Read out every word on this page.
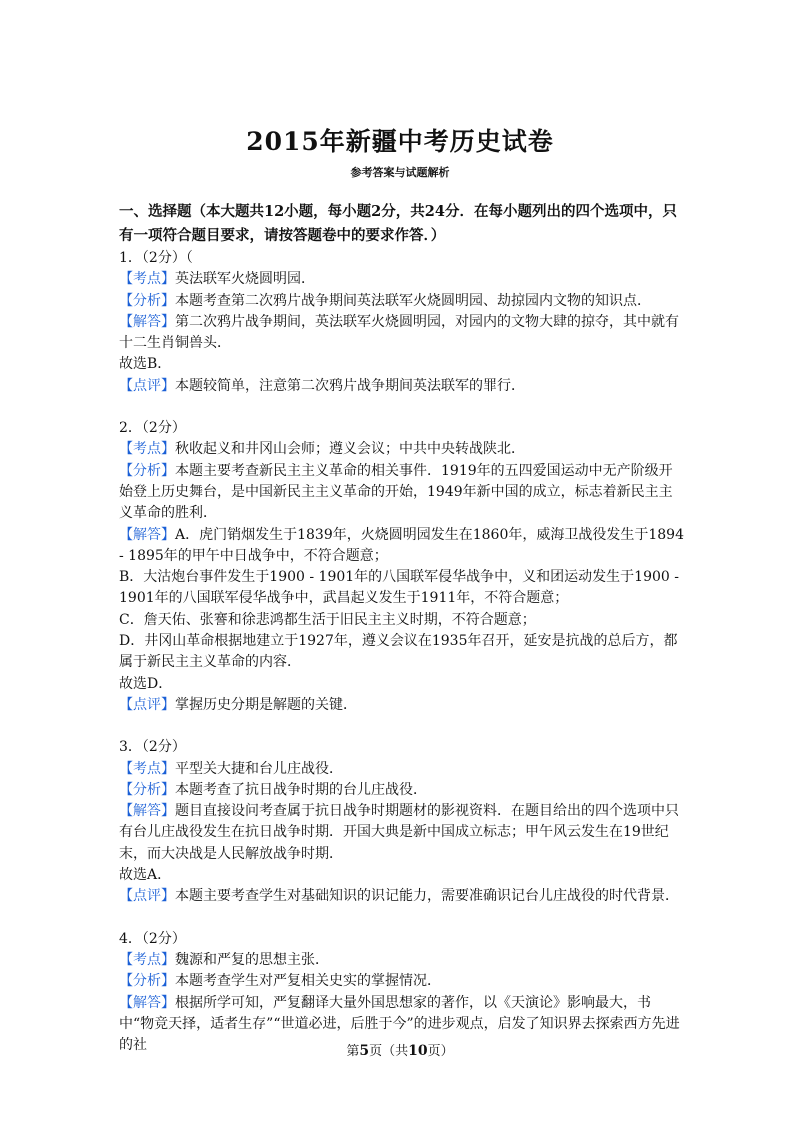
2015年新疆中考历史试卷
参考答案与试题解析

一、选择题（本大题共12小题，每小题2分，共24分．在每小题列出的四个选项中，只有一项符合题目要求，请按答题卷中的要求作答．）

1．（2分）（

【考点】英法联军火烧圆明园．

【分析】本题考查第二次鸦片战争期间英法联军火烧圆明园、劫掠园内文物的知识点．

【解答】第二次鸦片战争期间，英法联军火烧圆明园，对园内的文物大肆的掠夺，其中就有十二生肖铜兽头．

故选B．

【点评】本题较简单，注意第二次鸦片战争期间英法联军的罪行．

2．（2分）

【考点】秋收起义和井冈山会师；遵义会议；中共中央转战陕北．

【分析】本题主要考查新民主主义革命的相关事件．1919年的五四爱国运动中无产阶级开始登上历史舞台，是中国新民主主义革命的开始，1949年新中国的成立，标志着新民主主义革命的胜利．

【解答】A．虎门销烟发生于1839年，火烧圆明园发生在1860年，威海卫战役发生于1894 - 1895年的甲午中日战争中，不符合题意；

B．大沽炮台事件发生于1900 - 1901年的八国联军侵华战争中，义和团运动发生于1900 - 1901年的八国联军侵华战争中，武昌起义发生于1911年，不符合题意；

C．詹天佑、张謇和徐悲鸿都生活于旧民主主义时期，不符合题意；

D．井冈山革命根据地建立于1927年，遵义会议在1935年召开，延安是抗战的总后方，都属于新民主主义革命的内容．

故选D．

【点评】掌握历史分期是解题的关键．

3．（2分）

【考点】平型关大捷和台儿庄战役．

【分析】本题考查了抗日战争时期的台儿庄战役．

【解答】题目直接设问考查属于抗日战争时期题材的影视资料．在题目给出的四个选项中只有台儿庄战役发生在抗日战争时期．开国大典是新中国成立标志；甲午风云发生在19世纪末，而大决战是人民解放战争时期．

故选A．

【点评】本题主要考查学生对基础知识的识记能力，需要准确识记台儿庄战役的时代背景．

4．（2分）

【考点】魏源和严复的思想主张．

【分析】本题考查学生对严复相关史实的掌握情况．

【解答】根据所学可知，严复翻译大量外国思想家的著作，以《天演论》影响最大，书中“物竞天择，适者生存”“世道必进，后胜于今”的进步观点，启发了知识界去探索西方先进的社	第5页（共10页）
